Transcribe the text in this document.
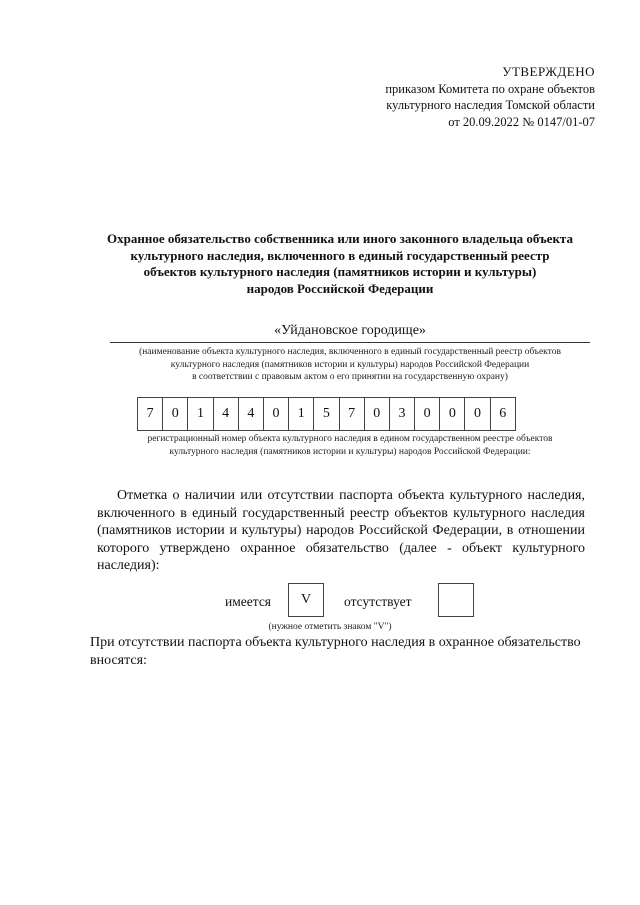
УТВЕРЖДЕНО
приказом Комитета по охране объектов
культурного наследия Томской области
от 20.09.2022 № 0147/01-07
Охранное обязательство собственника или иного законного владельца объекта
культурного наследия, включенного в единый государственный реестр
объектов культурного наследия (памятников истории и культуры)
народов Российской Федерации
«Уйдановское городище»
(наименование объекта культурного наследия, включенного в единый государственный реестр объектов
культурного наследия (памятников истории и культуры) народов Российской Федерации
в соответствии с правовым актом о его принятии на государственную охрану)
7	0	1	4	4	0	1	5	7	0	3	0	0	0	6
регистрационный номер объекта культурного наследия в едином государственном реестре объектов
культурного наследия (памятников истории и культуры) народов Российской Федерации:
Отметка о наличии или отсутствии паспорта объекта культурного наследия, включенного в единый государственный реестр объектов культурного наследия (памятников истории и культуры) народов Российской Федерации, в отношении которого утверждено охранное обязательство (далее - объект культурного наследия):
имеется	V	отсутствует
(нужное отметить знаком "V")
При отсутствии паспорта объекта культурного наследия в охранное обязательство вносятся:
